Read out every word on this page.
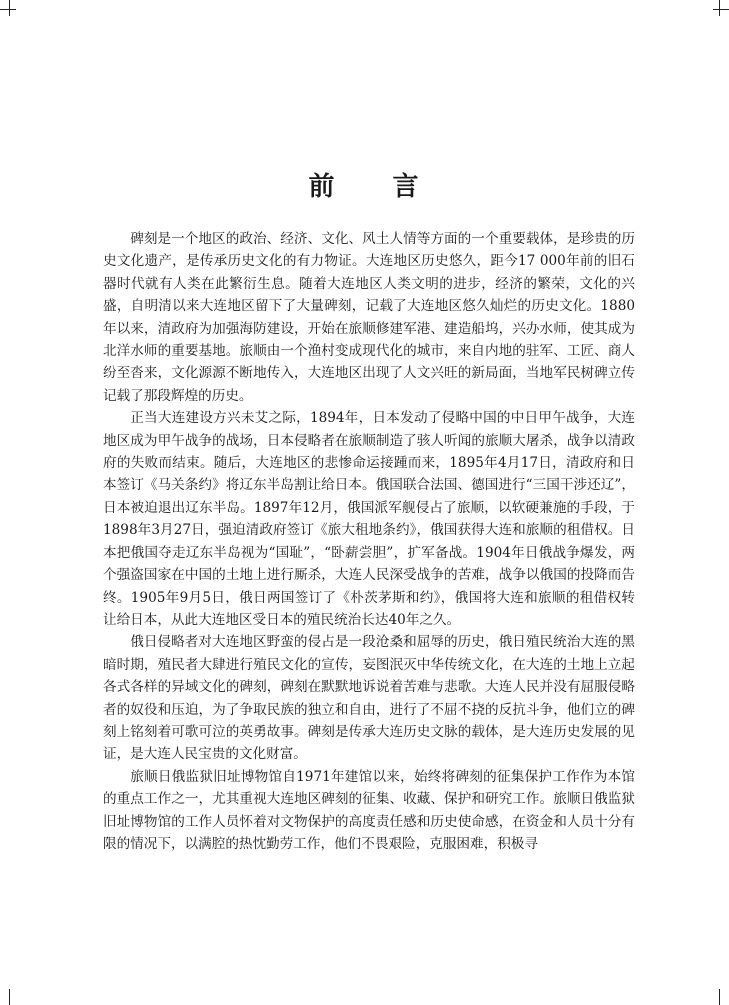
前 言

碑刻是一个地区的政治、经济、文化、风土人情等方面的一个重要载体，是珍贵的历史文化遗产，是传承历史文化的有力物证。大连地区历史悠久，距今17 000年前的旧石器时代就有人类在此繁衍生息。随着大连地区人类文明的进步，经济的繁荣，文化的兴盛，自明清以来大连地区留下了大量碑刻，记载了大连地区悠久灿烂的历史文化。1880年以来，清政府为加强海防建设，开始在旅顺修建军港、建造船坞，兴办水师，使其成为北洋水师的重要基地。旅顺由一个渔村变成现代化的城市，来自内地的驻军、工匠、商人纷至沓来，文化源源不断地传入，大连地区出现了人文兴旺的新局面，当地军民树碑立传记载了那段辉煌的历史。

正当大连建设方兴未艾之际，1894年，日本发动了侵略中国的中日甲午战争，大连地区成为甲午战争的战场，日本侵略者在旅顺制造了骇人听闻的旅顺大屠杀，战争以清政府的失败而结束。随后，大连地区的悲惨命运接踵而来，1895年4月17日，清政府和日本签订《马关条约》将辽东半岛割让给日本。俄国联合法国、德国进行“三国干涉还辽”，日本被迫退出辽东半岛。1897年12月，俄国派军舰侵占了旅顺，以软硬兼施的手段，于1898年3月27日，强迫清政府签订《旅大租地条约》，俄国获得大连和旅顺的租借权。日本把俄国夺走辽东半岛视为“国耻”，“卧薪尝胆”，扩军备战。1904年日俄战争爆发，两个强盗国家在中国的土地上进行厮杀，大连人民深受战争的苦难，战争以俄国的投降而告终。1905年9月5日，俄日两国签订了《朴茨茅斯和约》，俄国将大连和旅顺的租借权转让给日本，从此大连地区受日本的殖民统治长达40年之久。

俄日侵略者对大连地区野蛮的侵占是一段沧桑和屈辱的历史，俄日殖民统治大连的黑暗时期，殖民者大肆进行殖民文化的宣传，妄图泯灭中华传统文化，在大连的土地上立起各式各样的异域文化的碑刻，碑刻在默默地诉说着苦难与悲歌。大连人民并没有屈服侵略者的奴役和压迫，为了争取民族的独立和自由，进行了不屈不挠的反抗斗争，他们立的碑刻上铭刻着可歌可泣的英勇故事。碑刻是传承大连历史文脉的载体，是大连历史发展的见证，是大连人民宝贵的文化财富。

旅顺日俄监狱旧址博物馆自1971年建馆以来，始终将碑刻的征集保护工作作为本馆的重点工作之一，尤其重视大连地区碑刻的征集、收藏、保护和研究工作。旅顺日俄监狱旧址博物馆的工作人员怀着对文物保护的高度责任感和历史使命感，在资金和人员十分有限的情况下，以满腔的热忱勤劳工作，他们不畏艰险，克服困难，积极寻
